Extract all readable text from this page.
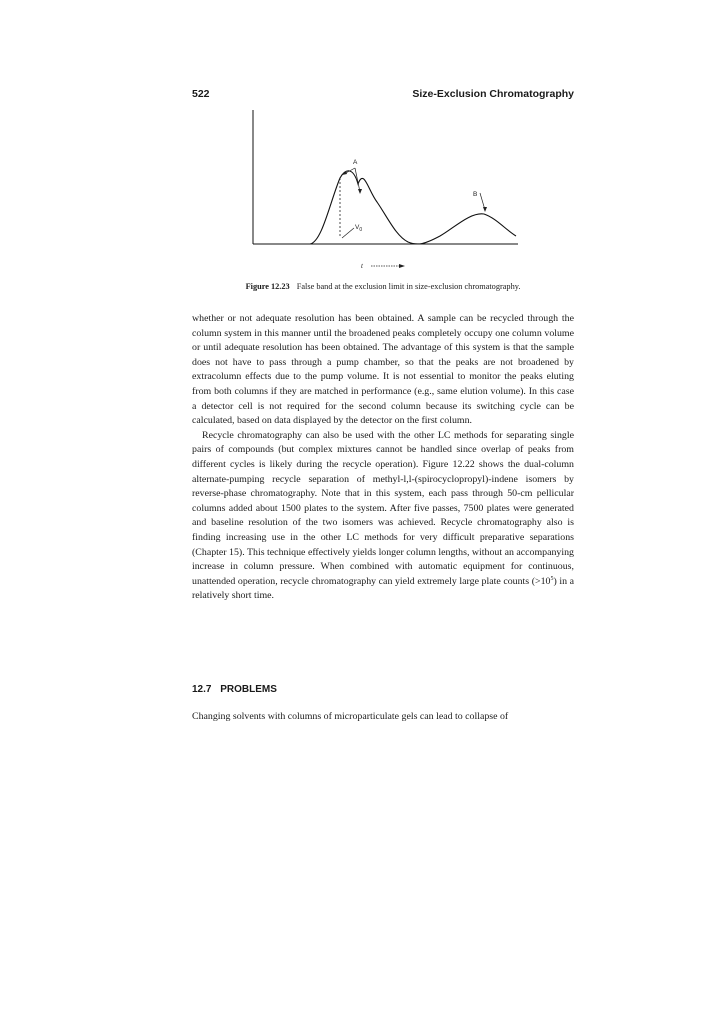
522	Size-Exclusion Chromatography
$V_0$
A
B
t
Figure 12.23 False band at the exclusion limit in size-exclusion chromatography.

whether or not adequate resolution has been obtained. A sample can be recycled through the column system in this manner until the broadened peaks completely occupy one column volume or until adequate resolution has been obtained. The advantage of this system is that the sample does not have to pass through a pump chamber, so that the peaks are not broadened by extracolumn effects due to the pump volume. It is not essential to monitor the peaks eluting from both columns if they are matched in performance (e.g., same elution volume). In this case a detector cell is not required for the second column because its switching cycle can be calculated, based on data displayed by the detector on the first column.

Recycle chromatography can also be used with the other LC methods for separating single pairs of compounds (but complex mixtures cannot be handled since overlap of peaks from different cycles is likely during the recycle operation). Figure 12.22 shows the dual-column alternate-pumping recycle separation of methyl-l,l-(spirocyclopropyl)-indene isomers by reverse-phase chromatography. Note that in this system, each pass through 50-cm pellicular columns added about 1500 plates to the system. After five passes, 7500 plates were generated and baseline resolution of the two isomers was achieved. Recycle chromatography also is finding increasing use in the other LC methods for very difficult preparative separations (Chapter 15). This technique effectively yields longer column lengths, without an accompanying increase in column pressure. When combined with automatic equipment for continuous, unattended operation, recycle chromatography can yield extremely large plate counts $(>10^5)$ in a relatively short time.

12.7 PROBLEMS
Changing solvents with columns of microparticulate gels can lead to collapse of
